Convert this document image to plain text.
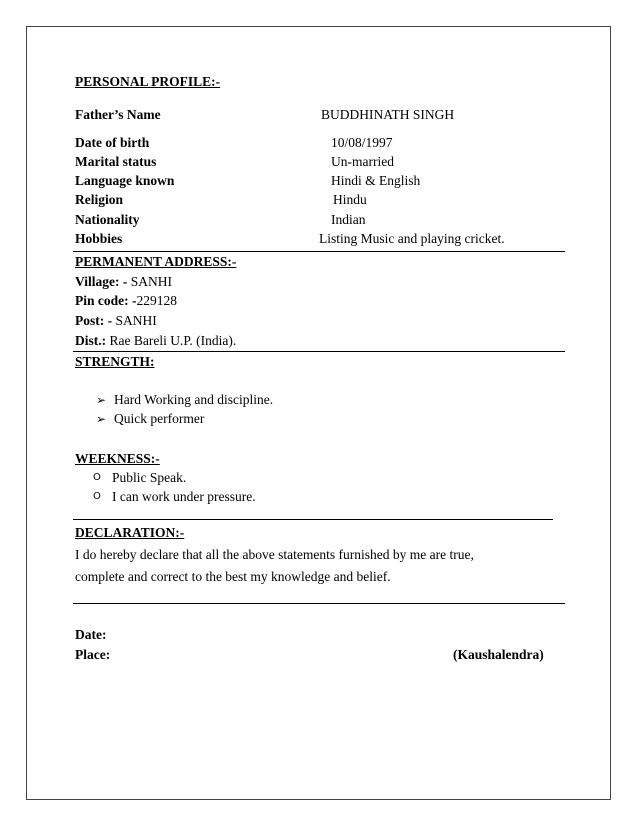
PERSONAL PROFILE:-
Father’s Name	BUDDHINATH SINGH
Date of birth	10/08/1997
Marital status	Un-married
Language known	Hindi & English
Religion	Hindu
Nationality	Indian
Hobbies	Listing Music and playing cricket.
PERMANENT ADDRESS:-
Village: - SANHI
Pin code: -229128
Post: - SANHI
Dist.: Rae Bareli U.P. (India).
STRENGTH:
➢ Hard Working and discipline.
➢ Quick performer
WEEKNESS:-
O Public Speak.
O I can work under pressure.
DECLARATION:-
I do hereby declare that all the above statements furnished by me are true,
complete and correct to the best my knowledge and belief.
Date:
Place:	(Kaushalendra)
